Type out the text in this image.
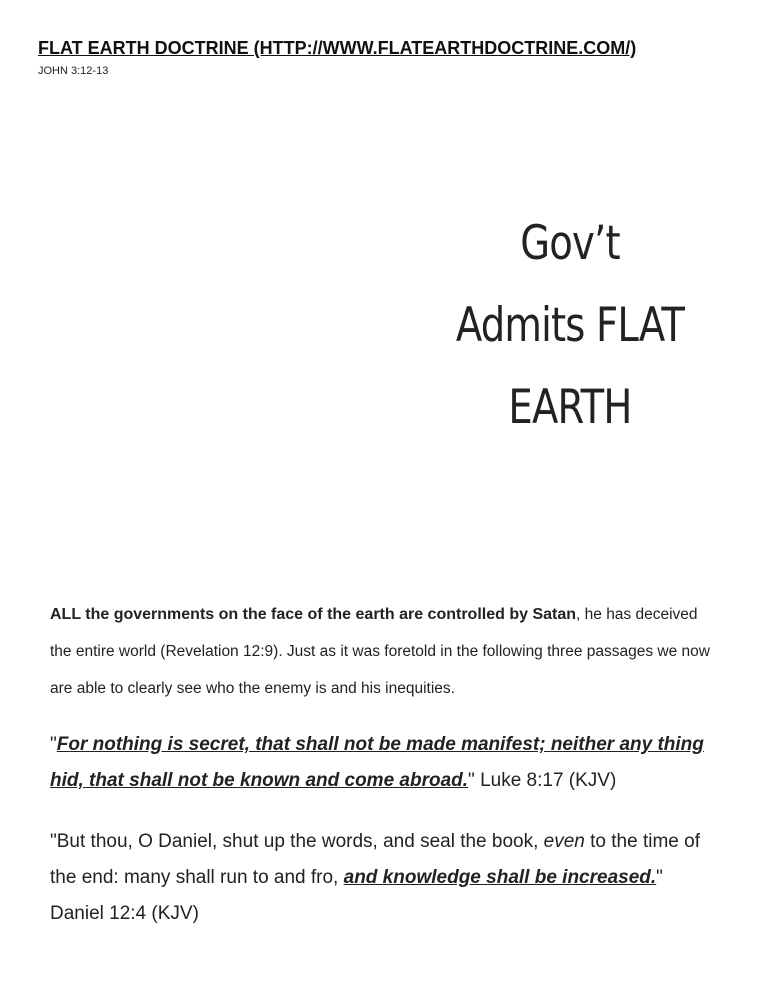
FLAT EARTH DOCTRINE (HTTP://WWW.FLATEARTHDOCTRINE.COM/)

JOHN 3:12-13

Gov’t
Admits FLAT
EARTH

ALL the governments on the face of the earth are controlled by Satan, he has deceived the entire world (Revelation 12:9). Just as it was foretold in the following three passages we now are able to clearly see who the enemy is and his inequities.

"For nothing is secret, that shall not be made manifest; neither any thing hid, that shall not be known and come abroad." Luke 8:17 (KJV)

"But thou, O Daniel, shut up the words, and seal the book, even to the time of the end: many shall run to and fro, and knowledge shall be increased." Daniel 12:4 (KJV)
